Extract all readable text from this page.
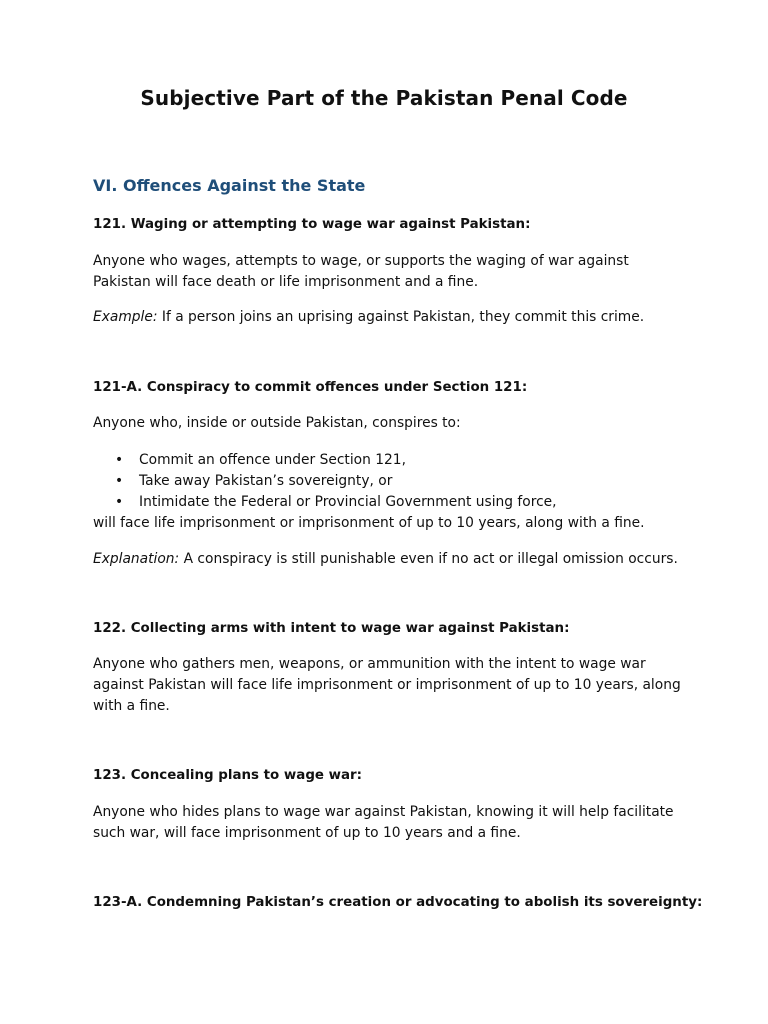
Subjective Part of the Pakistan Penal Code
VI. Offences Against the State
121. Waging or attempting to wage war against Pakistan:
Anyone who wages, attempts to wage, or supports the waging of war against Pakistan will face death or life imprisonment and a fine.
Example: If a person joins an uprising against Pakistan, they commit this crime.
121-A. Conspiracy to commit offences under Section 121:
Anyone who, inside or outside Pakistan, conspires to:
• Commit an offence under Section 121,
• Take away Pakistan’s sovereignty, or
• Intimidate the Federal or Provincial Government using force,
will face life imprisonment or imprisonment of up to 10 years, along with a fine.
Explanation: A conspiracy is still punishable even if no act or illegal omission occurs.
122. Collecting arms with intent to wage war against Pakistan:
Anyone who gathers men, weapons, or ammunition with the intent to wage war against Pakistan will face life imprisonment or imprisonment of up to 10 years, along with a fine.
123. Concealing plans to wage war:
Anyone who hides plans to wage war against Pakistan, knowing it will help facilitate such war, will face imprisonment of up to 10 years and a fine.
123-A. Condemning Pakistan’s creation or advocating to abolish its sovereignty:
